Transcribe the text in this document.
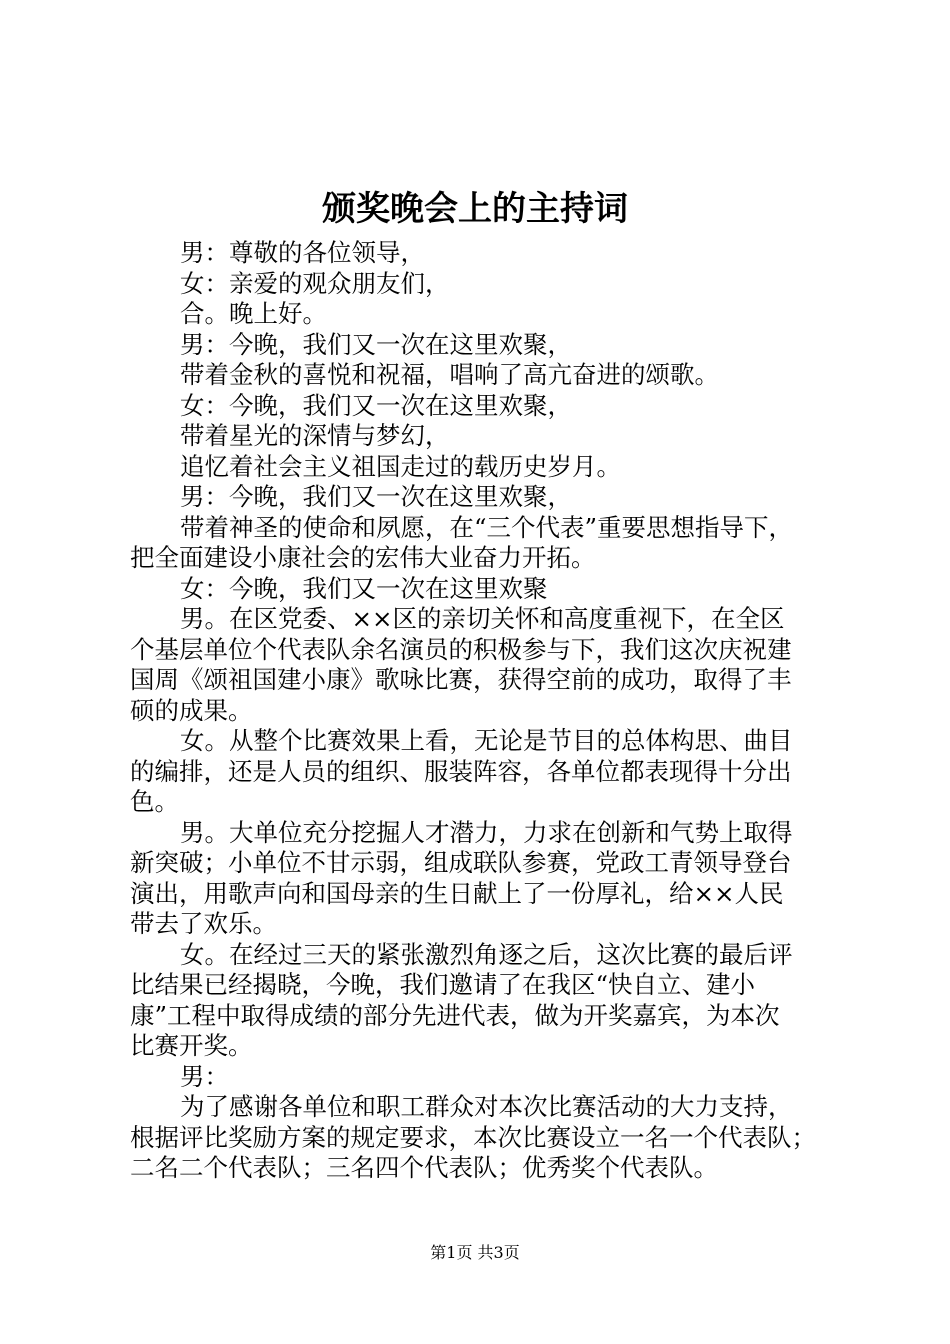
颁奖晚会上的主持词
男：尊敬的各位领导，
女：亲爱的观众朋友们，
合。晚上好。
男：今晚，我们又一次在这里欢聚，
带着金秋的喜悦和祝福，唱响了高亢奋进的颂歌。
女：今晚，我们又一次在这里欢聚，
带着星光的深情与梦幻，
追忆着社会主义祖国走过的载历史岁月。
男：今晚，我们又一次在这里欢聚，
带着神圣的使命和夙愿，在“三个代表”重要思想指导下，
把全面建设小康社会的宏伟大业奋力开拓。
女：今晚，我们又一次在这里欢聚
男。在区党委、××区的亲切关怀和高度重视下，在全区
个基层单位个代表队余名演员的积极参与下，我们这次庆祝建
国周《颂祖国建小康》歌咏比赛，获得空前的成功，取得了丰
硕的成果。
女。从整个比赛效果上看，无论是节目的总体构思、曲目
的编排，还是人员的组织、服装阵容，各单位都表现得十分出
色。
男。大单位充分挖掘人才潜力，力求在创新和气势上取得
新突破；小单位不甘示弱，组成联队参赛，党政工青领导登台
演出，用歌声向和国母亲的生日献上了一份厚礼，给××人民
带去了欢乐。
女。在经过三天的紧张激烈角逐之后，这次比赛的最后评
比结果已经揭晓，今晚，我们邀请了在我区“快自立、建小
康”工程中取得成绩的部分先进代表，做为开奖嘉宾，为本次
比赛开奖。
男：
为了感谢各单位和职工群众对本次比赛活动的大力支持，
根据评比奖励方案的规定要求，本次比赛设立一名一个代表队；
二名二个代表队；三名四个代表队；优秀奖个代表队。
第1页 共3页
